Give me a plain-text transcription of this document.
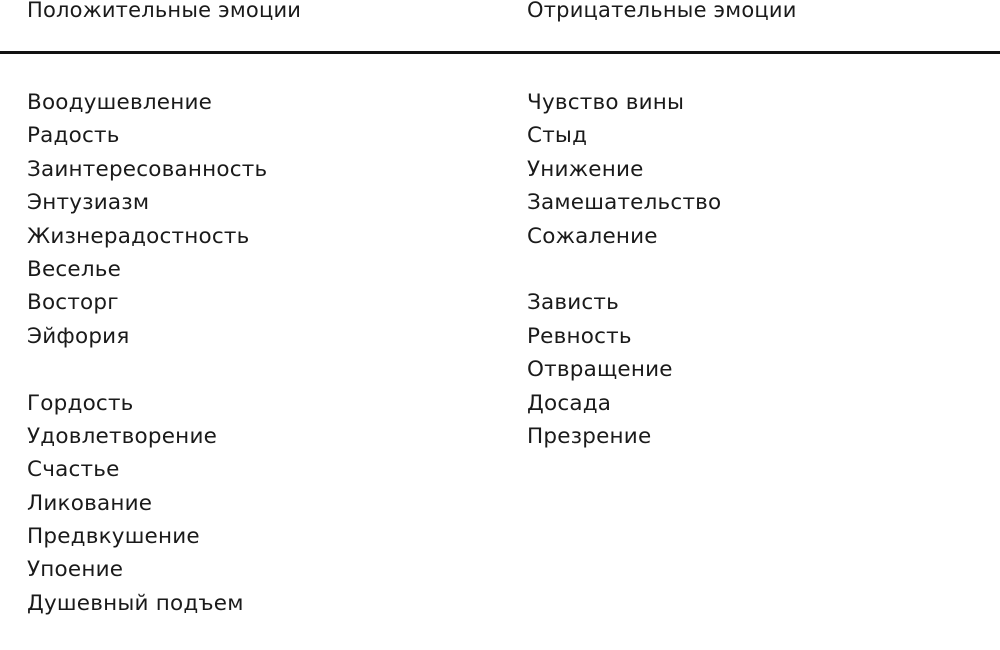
Положительные эмоции	Отрицательные эмоции
Воодушевление
Радость
Заинтересованность
Энтузиазм
Жизнерадостность
Веселье
Восторг
Эйфория
Гордость
Удовлетворение
Счастье
Ликование
Предвкушение
Упоение
Душевный подъем
Чувство вины
Стыд
Унижение
Замешательство
Сожаление
Зависть
Ревность
Отвращение
Досада
Презрение
